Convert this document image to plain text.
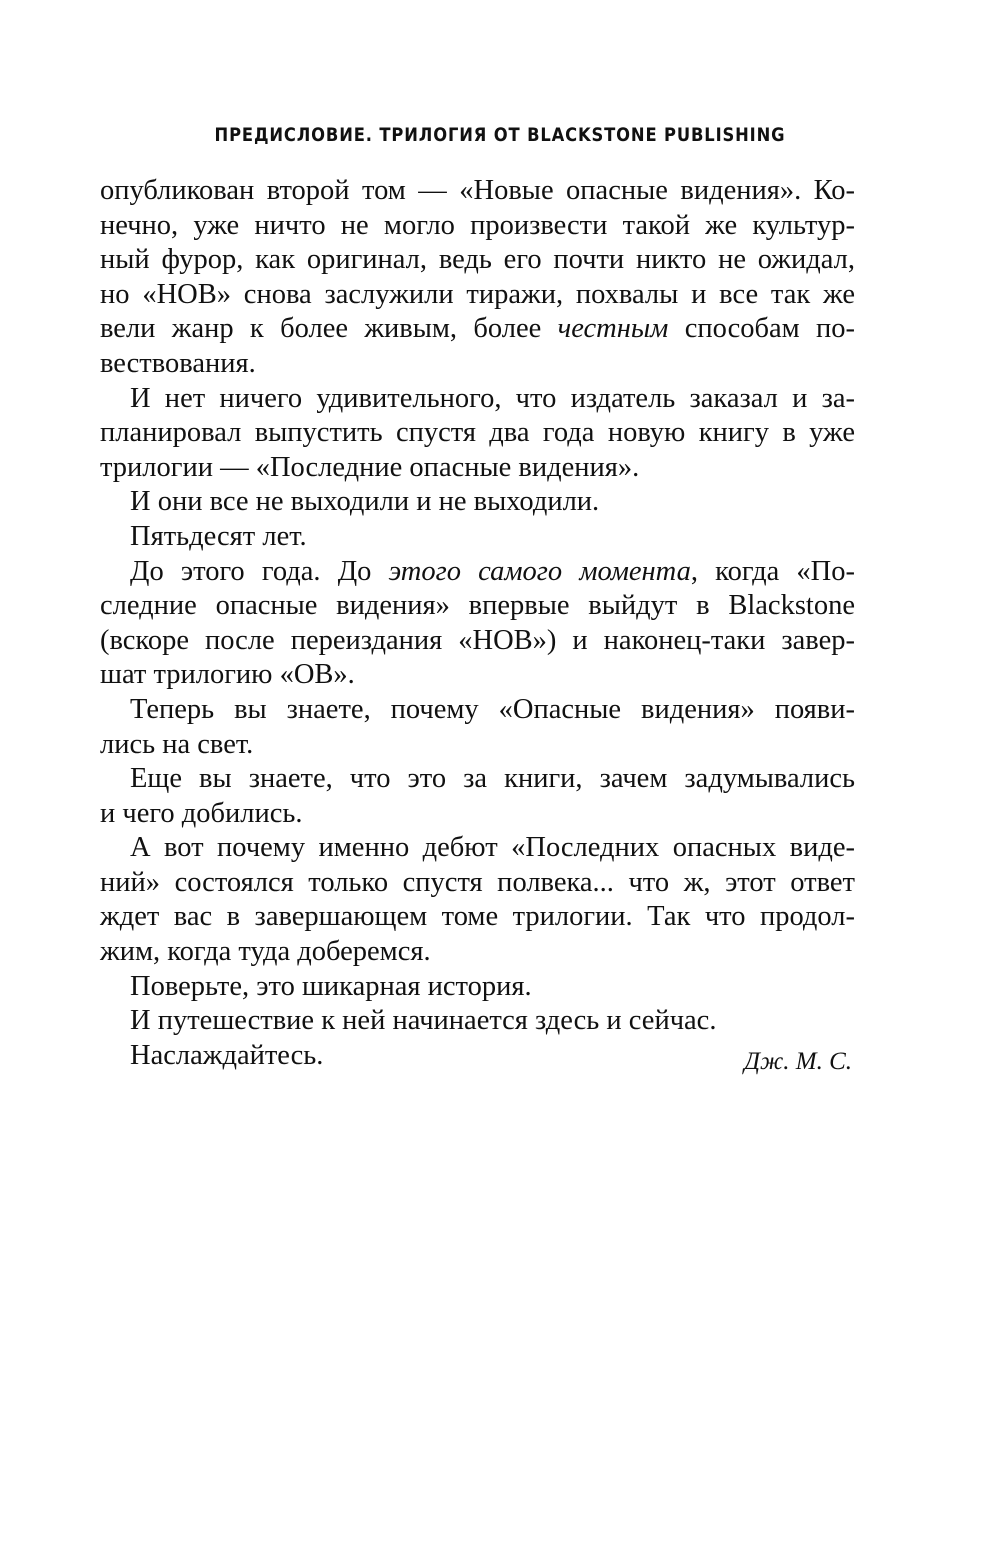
ПРЕДИСЛОВИЕ. ТРИЛОГИЯ ОТ BLACKSTONE PUBLISHING
опубликован второй том — «Новые опасные видения». Ко-
нечно, уже ничто не могло произвести такой же культур-
ный фурор, как оригинал, ведь его почти никто не ожидал,
но «НОВ» снова заслужили тиражи, похвалы и все так же
вели жанр к более живым, более честным способам по-
вествования.
И нет ничего удивительного, что издатель заказал и за-
планировал выпустить спустя два года новую книгу в уже
трилогии — «Последние опасные видения».
И они все не выходили и не выходили.
Пятьдесят лет.
До этого года. До этого самого момента, когда «По-
следние опасные видения» впервые выйдут в Blackstone
(вскоре после переиздания «НОВ») и наконец-таки завер-
шат трилогию «ОВ».
Теперь вы знаете, почему «Опасные видения» появи-
лись на свет.
Еще вы знаете, что это за книги, зачем задумывались
и чего добились.
А вот почему именно дебют «Последних опасных виде-
ний» состоялся только спустя полвека... что ж, этот ответ
ждет вас в завершающем томе трилогии. Так что продол-
жим, когда туда доберемся.
Поверьте, это шикарная история.
И путешествие к ней начинается здесь и сейчас.
Наслаждайтесь.	Дж. М. С.
